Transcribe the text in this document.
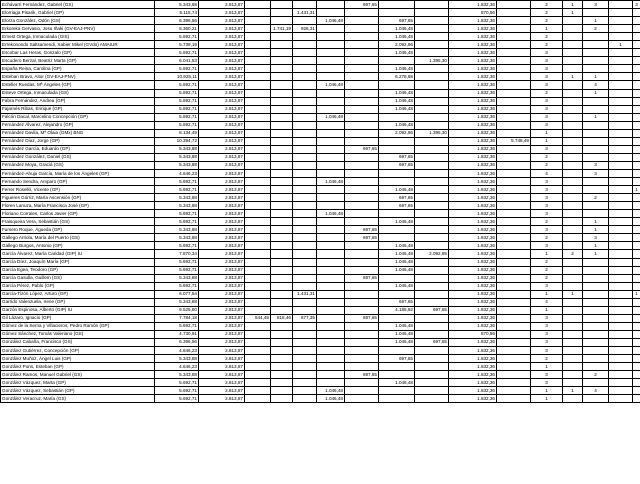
Echávarri Fernández, Gabriel (GS)	5.343,88	2.813,87					697,65			1.832,36		2	1	3		3
Elorriaga Pisarik, Gabriel (GP)	5.115,74	2.813,87			1.431,31					870,56		2	1			
Elorza González, Odón (GS)	6.396,56	2.813,87				1.046,48		697,65		1.832,36		2		1		
Erkoreka Gervasio, Josu Iñaki (GV-EAJ-PNV)	8.360,21	2.813,87		1.741,19	926,31			1.046,48		1.832,36		1		2		
Ernest Ortega, Inmaculada (GIS)	5.692,71	2.813,87						1.046,48		1.832,36		2				
Errekonondo Saltsamendi, Xabier Mikel (GVdo) AMAIUR	5.739,19	2.813,87						2.092,96		1.832,36		2			1	
Escobar Las Heras, Gonzalo (GP)	5.692,71	2.813,87						1.046,48		1.832,36		3				
Escudero Berzal, Beatriz Marta (GP)	6.041,53	2.813,87							1.395,30	1.832,36		3				
España Reina, Carolina (GP)	5.692,71	2.813,87						1.046,48		1.832,36		3				
Esteban Bravo, Aitor (GV-EAJ-PNV)	10.925,11	2.813,87						6.278,88		1.832,36		3	1	1		
Esteller Ruedas, Mª Ángeles (GP)	5.692,71	2.813,87				1.046,48				1.832,36		3		4		
Esteve Ortega, Inmaculada (GS)	5.692,71	2.813,87						1.046,48		1.832,36		2		1		
Fabra Fernández, Andrea (GP)	5.692,71	2.813,87						1.046,48		1.832,36		3				
Fajarnés Ribas, Enrique (GP)	5.692,71	2.813,87						1.046,48		1.832,36		3				
Falcón Dacal, Marcelino Concepción (GP)	5.692,71	2.813,87				1.046,48				1.832,36		3		1		
Fernández Álvarez, Alejandro (GP)	5.692,71	2.813,87						1.046,48		1.832,36		3				
Fernández Davila, Mª Olaia (GMx) BNG	8.134,49	2.813,87						2.092,96	1.395,30	1.832,36		1				
Fernández Díaz, Jorge (GP)	10.394,72	2.813,87								1.832,36	5.748,49	1				
Fernández García, Eduardo (GP)	5.343,88	2.813,87					697,65			1.832,36		3				
Fernández González, Daniel (GS)	5.343,88	2.813,87						697,65		1.832,36		2				
Fernández Moya, Graciá (GS)	5.343,88	2.813,87						697,65		1.832,36		2		3		
Fernández-Ahuja García, María de los Ángeles (GP)	4.646,23	2.813,87								1.832,36		4		3		
Fernando Sendra, Amparo (GP)	5.692,71	2.813,87				1.046,48				1.832,36		3				
Ferrer Roselló, Vicente (GP)	5.692,71	2.813,87						1.046,48		1.832,36		3				1
Figueres Górriz, María Ascensión (GP)	5.343,88	2.813,87						697,65		1.832,36		3		2		
Floren Lanuza, María Francisca José (GP)	5.343,88	2.813,87						697,65		1.832,36		3				
Floriano Corrales, Carlos Javier (GP)	5.692,71	2.813,87				1.046,48				1.832,36		3				
Fraisqueira Vera, Sebastián (GS)	5.692,71	2.813,87						1.046,48		1.832,36		2		1		
Fumero Roque, Águeda (GP)	5.343,88	2.813,87					697,65			1.832,36		3		1		
Gallego Arriola, María del Puerto (GS)	5.343,88	2.813,87					697,65			1.832,36		2		3		
Gallego Burgos, Antonio (GP)	5.692,71	2.813,87						1.046,48		1.832,36		3		1		
García Álvarez, María Caridad (GIP) IU	7.870,34	2.813,87						1.046,48	2.092,95	1.832,36		1	2	1		
García Díez, Joaquín María (GP)	5.692,71	2.813,87						1.046,48		1.832,36		2				
García Egea, Teodoro (GP)	5.692,71	2.813,87						1.046,48		1.832,36		2				
García Gasulla, Guillem (GS)	5.343,88	2.813,87					697,65			1.832,36		2				
García Pérez, Pablo (GP)	5.692,71	2.813,87						1.046,48		1.832,36		3				
García-Tizón López, Arturo (GP)	6.077,54	2.813,87			1.431,31					1.832,36		1	1			1
Garrido Valenzuela, Irene (GP)	5.343,88	2.813,87						697,65		1.832,36		4				
Garzón Espinosa, Alberto (GIP) IU	9.525,80	2.813,87						4.185,92	697,65	1.832,36		1				
Gil Lázaro, Ignacio (GP)	7.784,18	2.813,87	544,49	818,46	677,35		697,65			1.832,36		3				
Gómez de la Serna y Villacieros, Pedro Ramón (GP)	5.692,71	2.813,87						1.046,48		1.832,36		3				
Gómez Sánchez, Tomás Valeriano (GS)	4.730,91	2.813,87						1.046,48		870,56		3				
González Cabaña, Francisco (GS)	6.396,56	2.813,87						1.046,48	697,65	1.832,36		3				
González Gutiérrez, Concepción (GP)	4.646,23	2.813,87								1.832,36		3				
González Muñoz, Ángel Luis (GP)	5.343,88	2.813,87						697,65		1.832,36		2				
González Pons, Esteban (GP)	4.646,23	2.813,87								1.832,36		1				
González Ramos, Manuel Gabriel (GS)	5.343,88	2.813,87					697,65			1.832,36		3		2		
González Vázquez, Marta (GP)	5.692,71	2.813,87						1.046,48		1.832,36		3				
González Vázquez, Sebastián (GP)	5.692,71	2.813,87				1.046,48				1.832,36		1	1	4		
González Veracruz, María (GS)	5.692,71	2.813,87				1.046,48				1.832,36		1				
